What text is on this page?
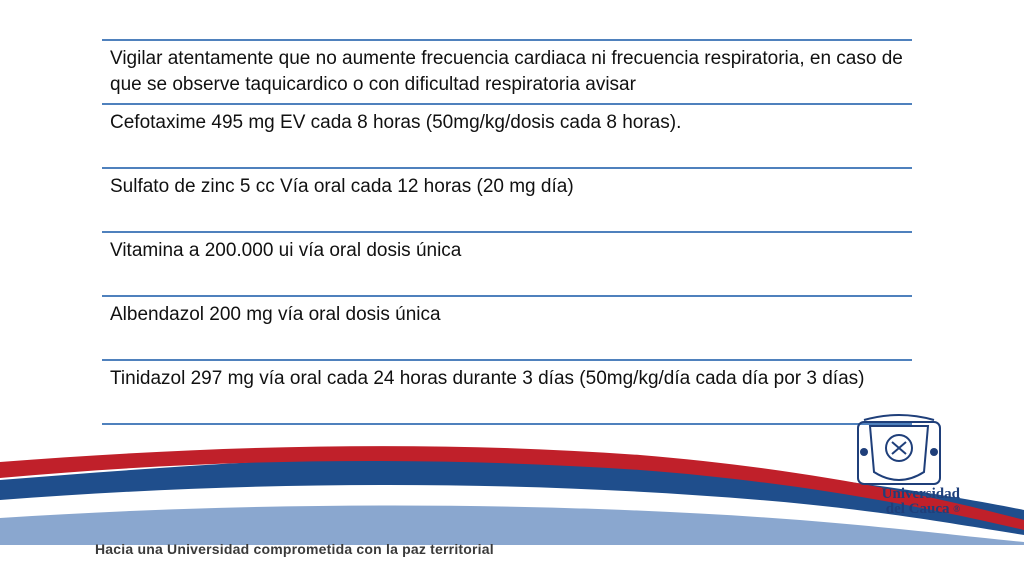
Vigilar atentamente que no aumente frecuencia cardiaca ni frecuencia respiratoria, en caso de que se observe taquicardico o con dificultad respiratoria avisar
Cefotaxime 495 mg EV cada 8 horas (50mg/kg/dosis cada 8 horas).
Sulfato de zinc 5 cc Vía oral cada 12 horas (20 mg día)
Vitamina a 200.000 ui vía oral dosis única
Albendazol 200 mg vía oral dosis única
Tinidazol 297 mg vía oral cada 24 horas durante 3 días (50mg/kg/día cada día por 3 días)
Hacia una Universidad comprometida con la paz territorial
Universidad
del Cauca ®
